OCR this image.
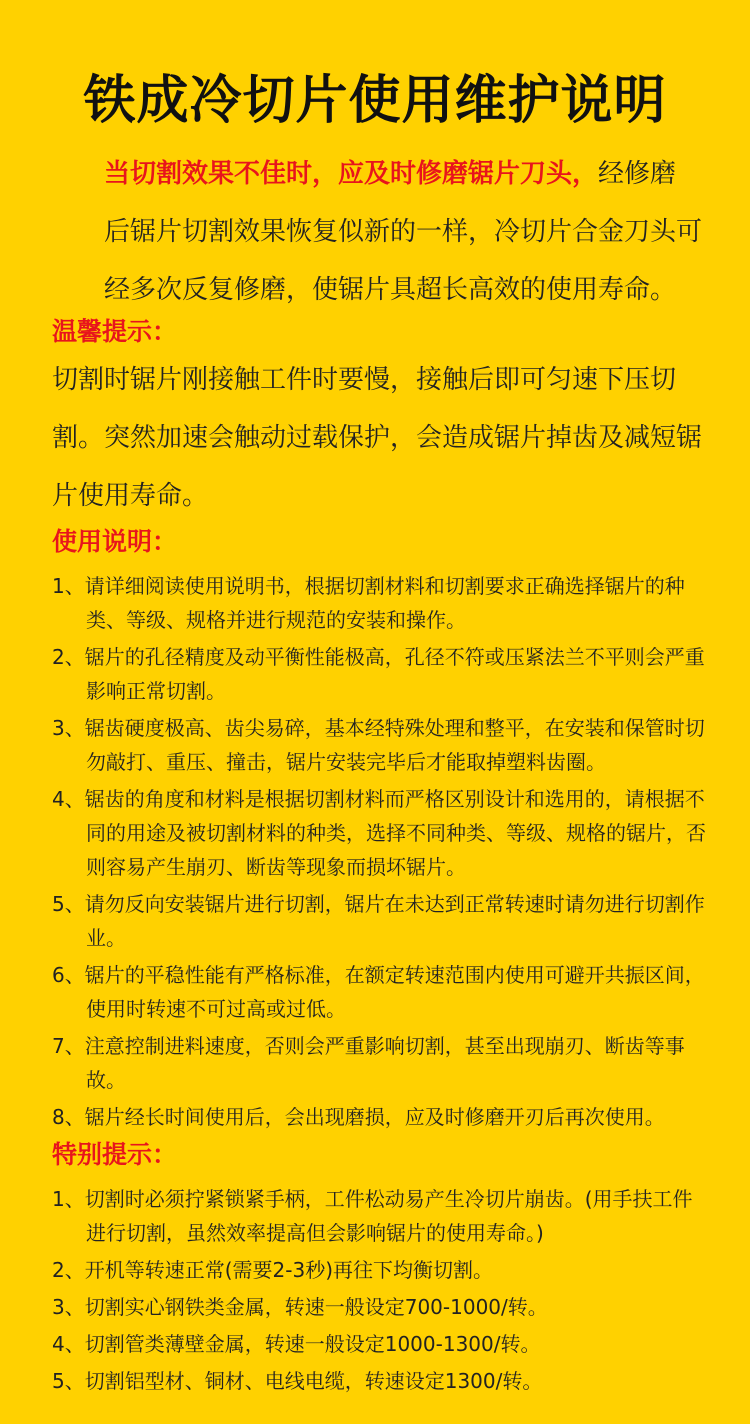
铁成冷切片使用维护说明
当切割效果不佳时，应及时修磨锯片刀头，经修磨后锯片切割效果恢复似新的一样，冷切片合金刀头可经多次反复修磨，使锯片具超长高效的使用寿命。
温馨提示：
切割时锯片刚接触工件时要慢，接触后即可匀速下压切割。突然加速会触动过载保护，会造成锯片掉齿及减短锯片使用寿命。
使用说明：
1、请详细阅读使用说明书，根据切割材料和切割要求正确选择锯片的种类、等级、规格并进行规范的安装和操作。
2、锯片的孔径精度及动平衡性能极高，孔径不符或压紧法兰不平则会严重影响正常切割。
3、锯齿硬度极高、齿尖易碎，基本经特殊处理和整平，在安装和保管时切勿敲打、重压、撞击，锯片安装完毕后才能取掉塑料齿圈。
4、锯齿的角度和材料是根据切割材料而严格区别设计和选用的，请根据不同的用途及被切割材料的种类，选择不同种类、等级、规格的锯片，否则容易产生崩刃、断齿等现象而损坏锯片。
5、请勿反向安装锯片进行切割，锯片在未达到正常转速时请勿进行切割作业。
6、锯片的平稳性能有严格标准，在额定转速范围内使用可避开共振区间，使用时转速不可过高或过低。
7、注意控制进料速度，否则会严重影响切割，甚至出现崩刃、断齿等事故。
8、锯片经长时间使用后，会出现磨损，应及时修磨开刃后再次使用。
特别提示：
1、切割时必须拧紧锁紧手柄，工件松动易产生冷切片崩齿。(用手扶工件进行切割，虽然效率提高但会影响锯片的使用寿命。)
2、开机等转速正常(需要2-3秒)再往下均衡切割。
3、切割实心钢铁类金属，转速一般设定700-1000/转。
4、切割管类薄壁金属，转速一般设定1000-1300/转。
5、切割铝型材、铜材、电线电缆，转速设定1300/转。
